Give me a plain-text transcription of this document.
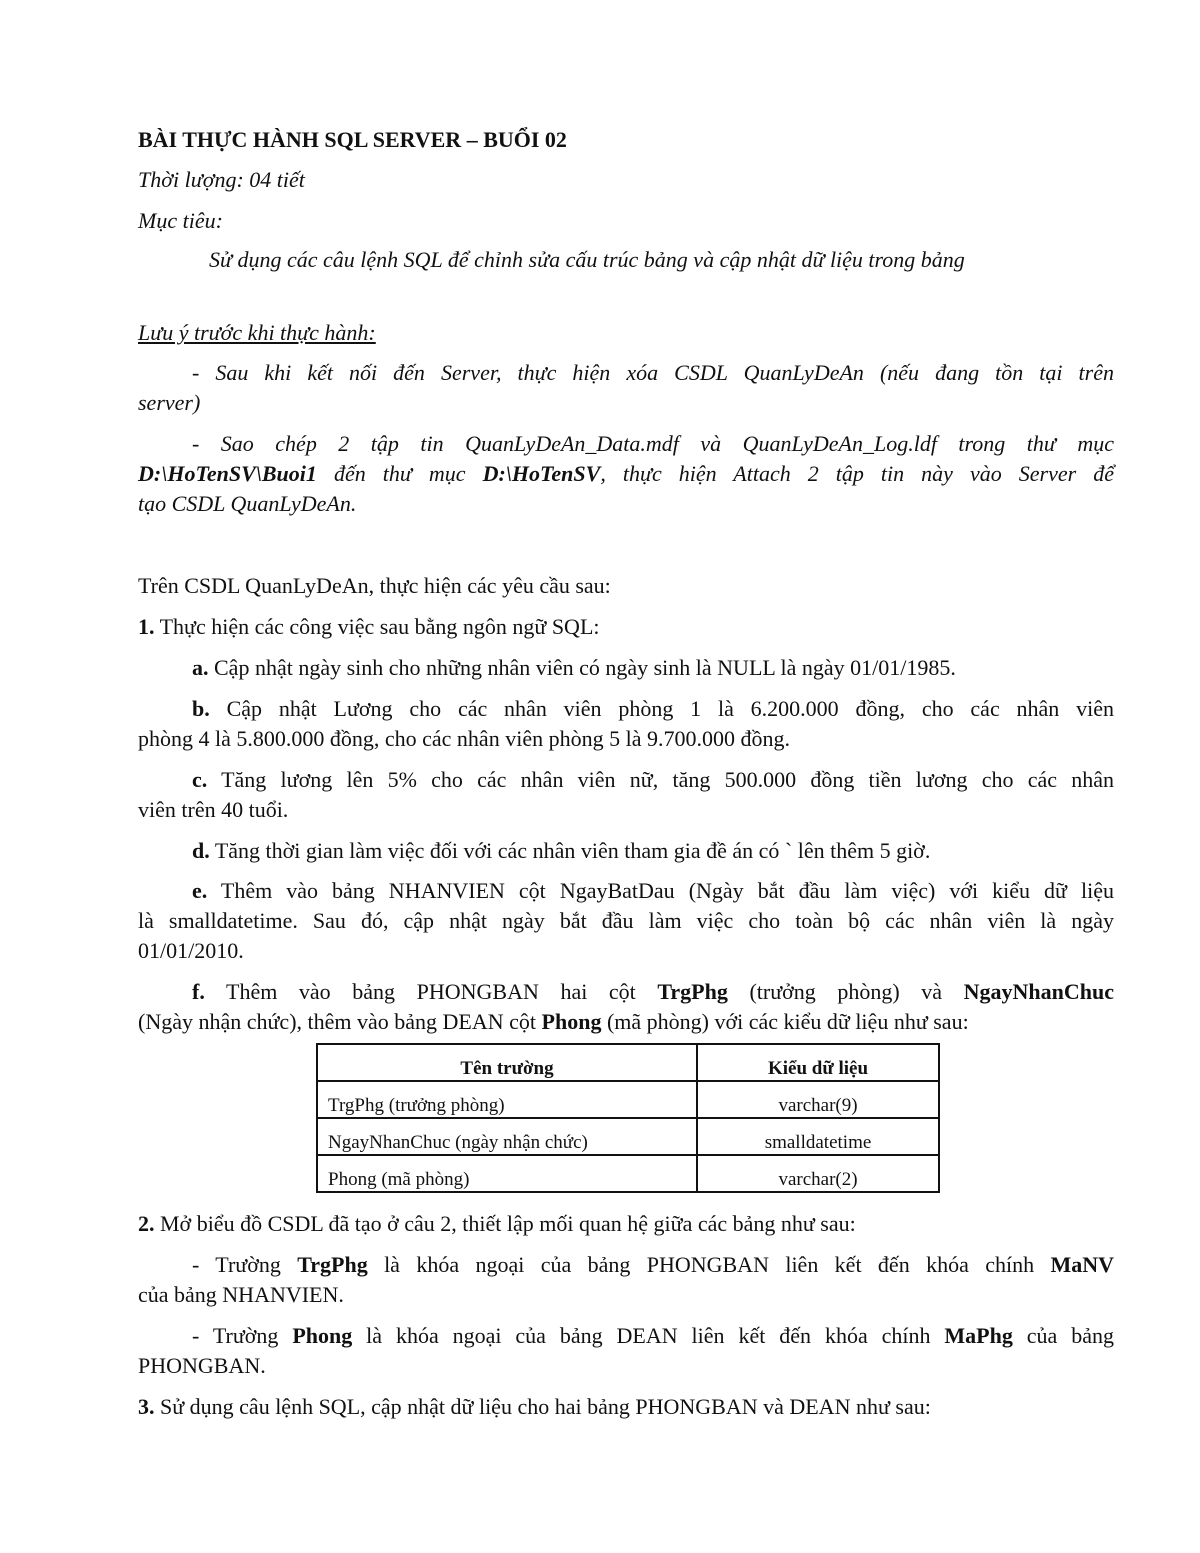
BÀI THỰC HÀNH SQL SERVER – BUỔI 02
Thời lượng: 04 tiết
Mục tiêu:
Sử dụng các câu lệnh SQL để chỉnh sửa cấu trúc bảng và cập nhật dữ liệu trong bảng
Lưu ý trước khi thực hành:
- Sau khi kết nối đến Server, thực hiện xóa CSDL QuanLyDeAn (nếu đang tồn tại trên
server)
- Sao chép 2 tập tin QuanLyDeAn_Data.mdf và QuanLyDeAn_Log.ldf trong thư mục
D:\HoTenSV\Buoi1 đến thư mục D:\HoTenSV, thực hiện Attach 2 tập tin này vào Server để
tạo CSDL QuanLyDeAn.
Trên CSDL QuanLyDeAn, thực hiện các yêu cầu sau:
1. Thực hiện các công việc sau bằng ngôn ngữ SQL:
a. Cập nhật ngày sinh cho những nhân viên có ngày sinh là NULL là ngày 01/01/1985.
b. Cập nhật Lương cho các nhân viên phòng 1 là 6.200.000 đồng, cho các nhân viên
phòng 4 là 5.800.000 đồng, cho các nhân viên phòng 5 là 9.700.000 đồng.
c. Tăng lương lên 5% cho các nhân viên nữ, tăng 500.000 đồng tiền lương cho các nhân
viên trên 40 tuổi.
d. Tăng thời gian làm việc đối với các nhân viên tham gia đề án có ` lên thêm 5 giờ.
e. Thêm vào bảng NHANVIEN cột NgayBatDau (Ngày bắt đầu làm việc) với kiểu dữ liệu
là smalldatetime. Sau đó, cập nhật ngày bắt đầu làm việc cho toàn bộ các nhân viên là ngày
01/01/2010.
f. Thêm vào bảng PHONGBAN hai cột TrgPhg (trưởng phòng) và NgayNhanChuc
(Ngày nhận chức), thêm vào bảng DEAN cột Phong (mã phòng) với các kiểu dữ liệu như sau:
Tên trường	Kiểu dữ liệu
TrgPhg (trưởng phòng)	varchar(9)
NgayNhanChuc (ngày nhận chức)	smalldatetime
Phong (mã phòng)	varchar(2)
2. Mở biểu đồ CSDL đã tạo ở câu 2, thiết lập mối quan hệ giữa các bảng như sau:
- Trường TrgPhg là khóa ngoại của bảng PHONGBAN liên kết đến khóa chính MaNV
của bảng NHANVIEN.
- Trường Phong là khóa ngoại của bảng DEAN liên kết đến khóa chính MaPhg của bảng
PHONGBAN.
3. Sử dụng câu lệnh SQL, cập nhật dữ liệu cho hai bảng PHONGBAN và DEAN như sau:
